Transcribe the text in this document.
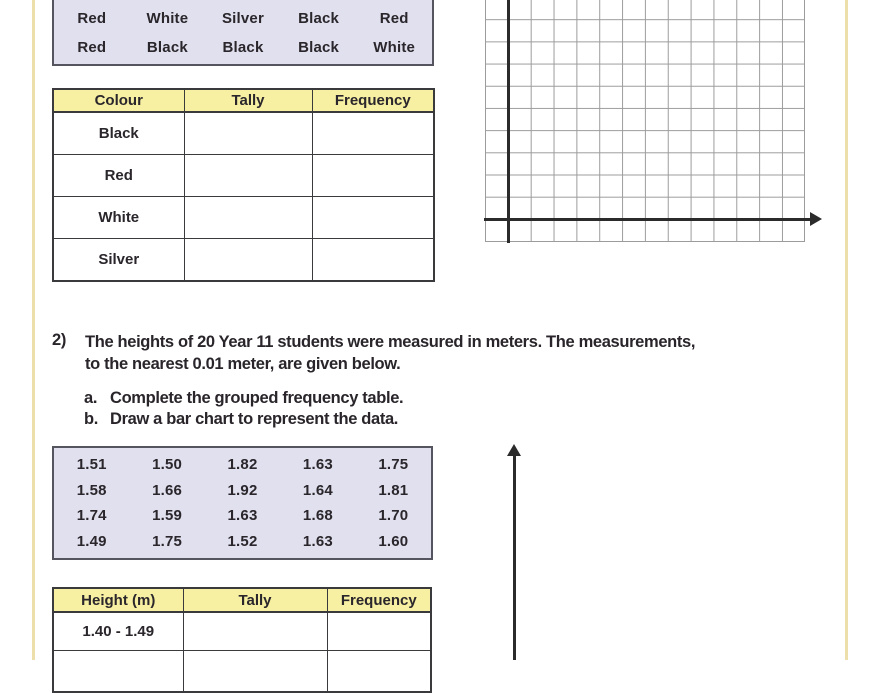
Red	White	Silver	Black	Red
Red	Black	Black	Black	White
Colour	Tally	Frequency
Black		
Red		
White		
Silver		
2)	The heights of 20 Year 11 students were measured in meters. The measurements,
to the nearest 0.01 meter, are given below.
a. Complete the grouped frequency table.
b. Draw a bar chart to represent the data.
1.51	1.50	1.82	1.63	1.75
1.58	1.66	1.92	1.64	1.81
1.74	1.59	1.63	1.68	1.70
1.49	1.75	1.52	1.63	1.60
Height (m)	Tally	Frequency
1.40 - 1.49		
